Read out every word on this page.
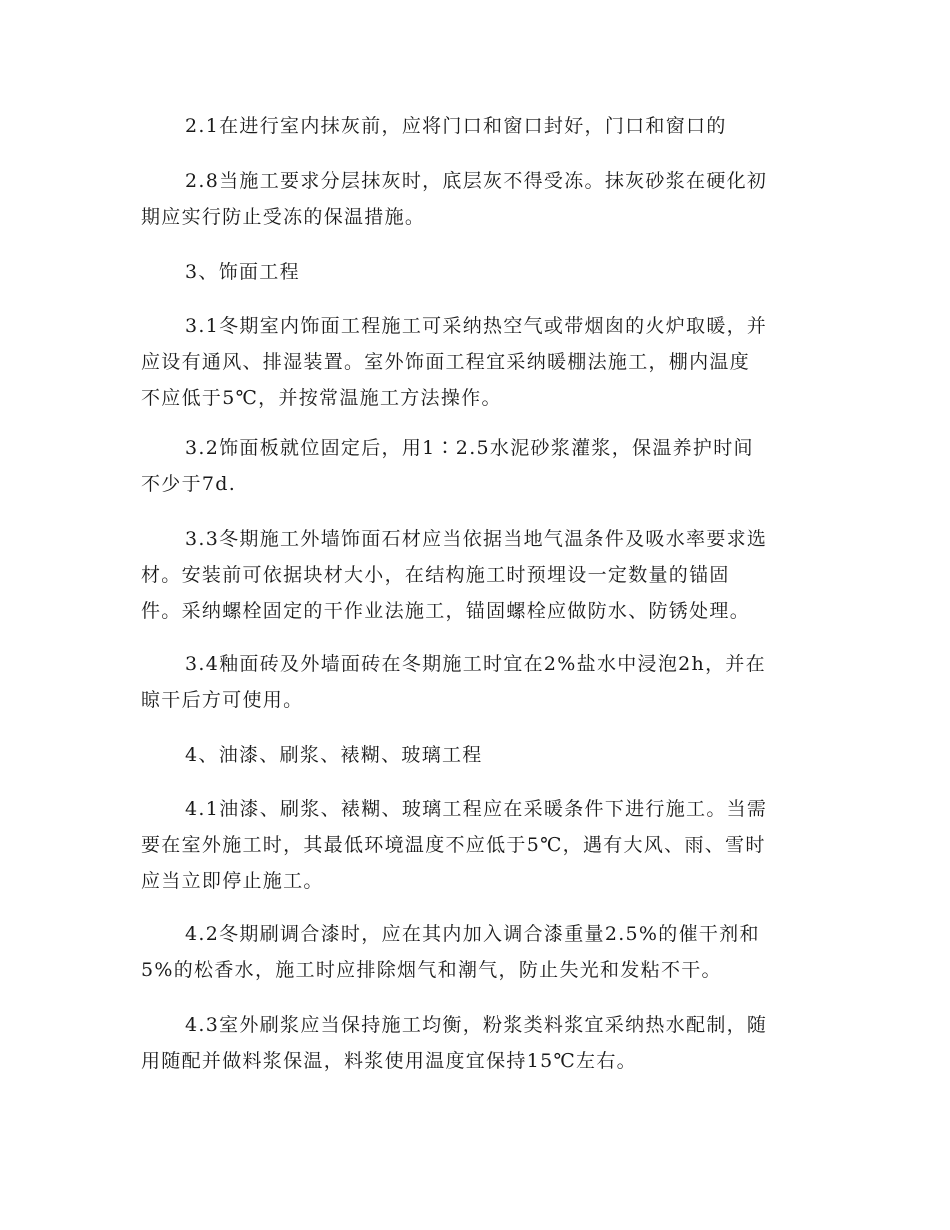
2.1在进行室内抹灰前，应将门口和窗口封好，门口和窗口的
2.8当施工要求分层抹灰时，底层灰不得受冻。抹灰砂浆在硬化初
期应实行防止受冻的保温措施。
3、饰面工程
3.1冬期室内饰面工程施工可采纳热空气或带烟囱的火炉取暖，并
应设有通风、排湿装置。室外饰面工程宜采纳暖棚法施工，棚内温度
不应低于5℃，并按常温施工方法操作。
3.2饰面板就位固定后，用1∶2.5水泥砂浆灌浆，保温养护时间
不少于7d.
3.3冬期施工外墙饰面石材应当依据当地气温条件及吸水率要求选
材。安装前可依据块材大小，在结构施工时预埋设一定数量的锚固
件。采纳螺栓固定的干作业法施工，锚固螺栓应做防水、防锈处理。
3.4釉面砖及外墙面砖在冬期施工时宜在2%盐水中浸泡2h，并在
晾干后方可使用。
4、油漆、刷浆、裱糊、玻璃工程
4.1油漆、刷浆、裱糊、玻璃工程应在采暖条件下进行施工。当需
要在室外施工时，其最低环境温度不应低于5℃，遇有大风、雨、雪时
应当立即停止施工。
4.2冬期刷调合漆时，应在其内加入调合漆重量2.5%的催干剂和
5%的松香水，施工时应排除烟气和潮气，防止失光和发粘不干。
4.3室外刷浆应当保持施工均衡，粉浆类料浆宜采纳热水配制，随
用随配并做料浆保温，料浆使用温度宜保持15℃左右。
